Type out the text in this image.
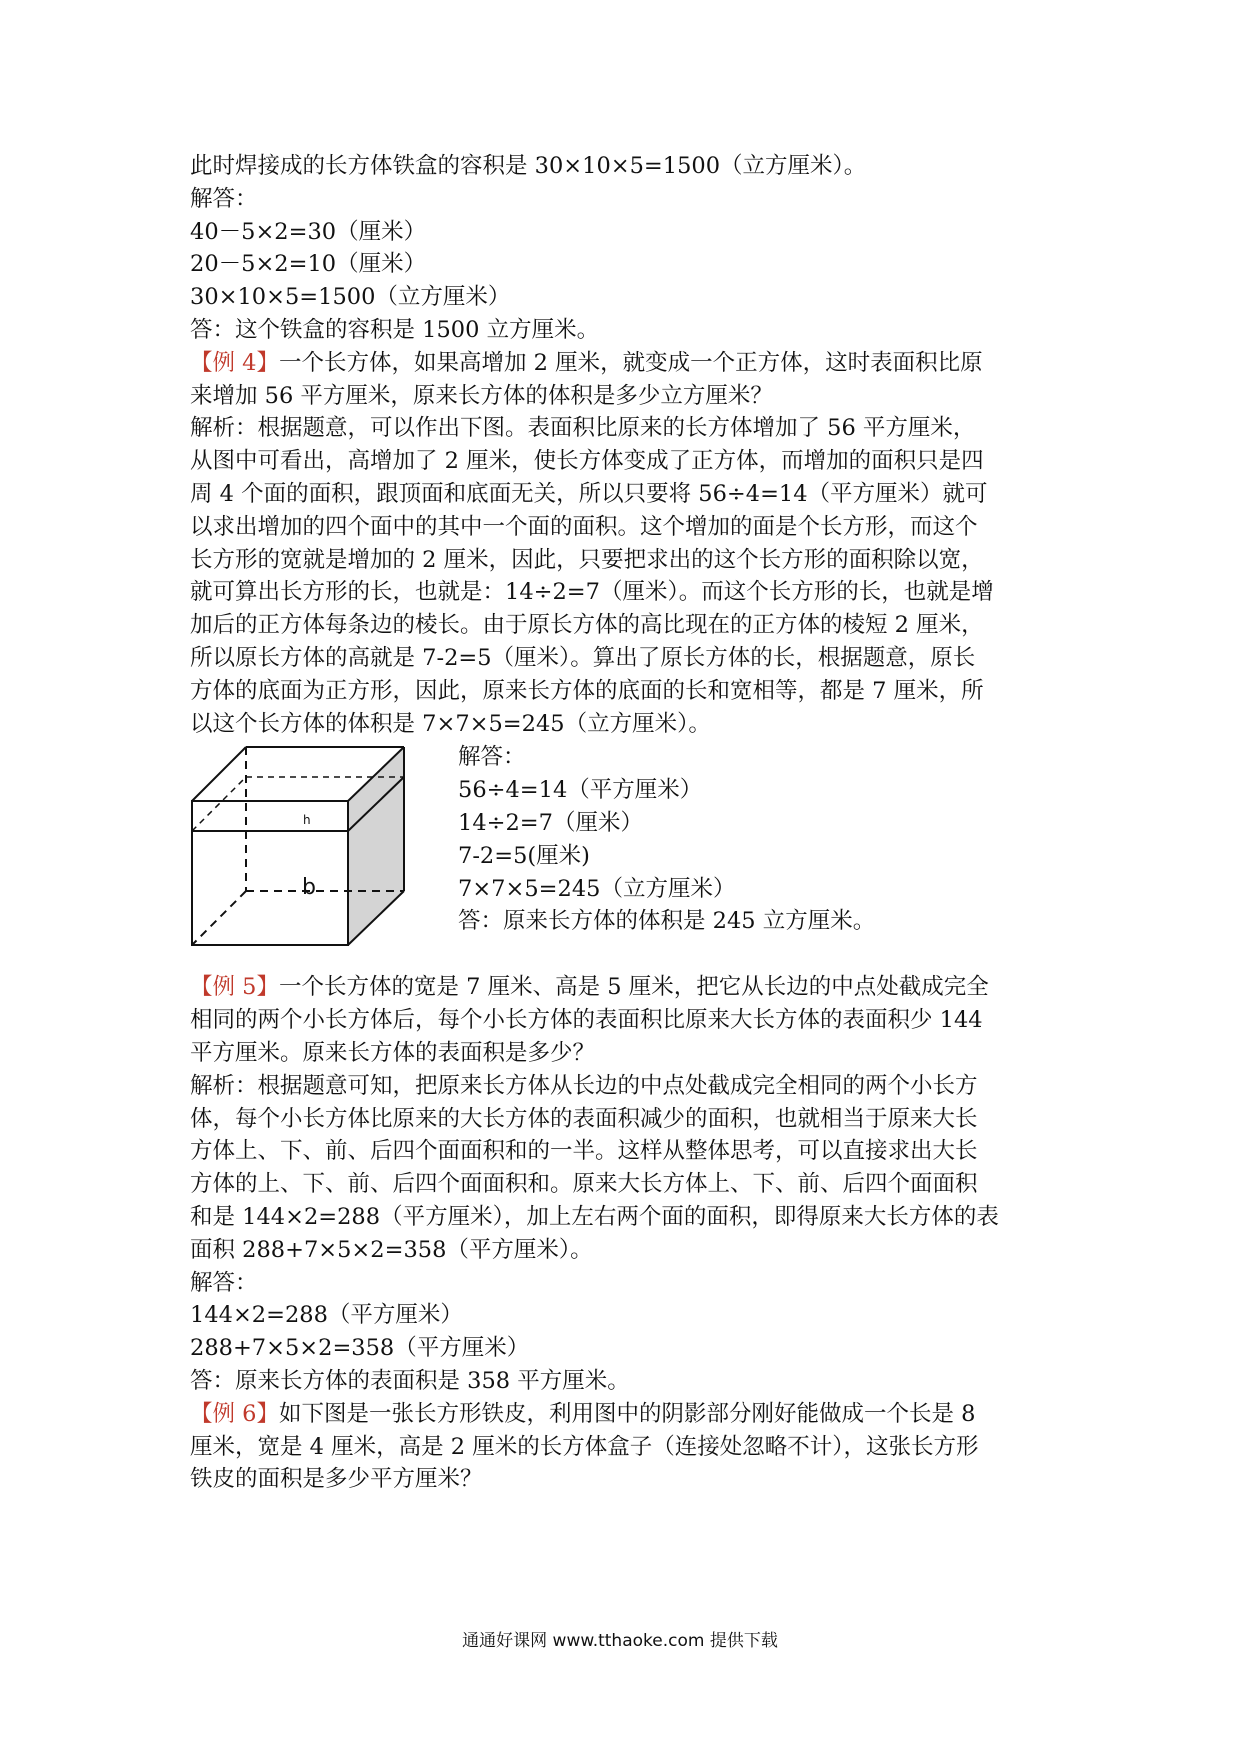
此时焊接成的长方体铁盒的容积是 30×10×5=1500（立方厘米）。
解答：
40－5×2=30（厘米）
20－5×2=10（厘米）
30×10×5=1500（立方厘米）
答：这个铁盒的容积是 1500 立方厘米。
【例 4】一个长方体，如果高增加 2 厘米，就变成一个正方体，这时表面积比原
来增加 56 平方厘米，原来长方体的体积是多少立方厘米？
解析：根据题意，可以作出下图。表面积比原来的长方体增加了 56 平方厘米，
从图中可看出，高增加了 2 厘米，使长方体变成了正方体，而增加的面积只是四
周 4 个面的面积，跟顶面和底面无关，所以只要将 56÷4=14（平方厘米）就可
以求出增加的四个面中的其中一个面的面积。这个增加的面是个长方形，而这个
长方形的宽就是增加的 2 厘米，因此，只要把求出的这个长方形的面积除以宽，
就可算出长方形的长，也就是：14÷2=7（厘米）。而这个长方形的长，也就是增
加后的正方体每条边的棱长。由于原长方体的高比现在的正方体的棱短 2 厘米，
所以原长方体的高就是 7-2=5（厘米）。算出了原长方体的长，根据题意，原长
方体的底面为正方形，因此，原来长方体的底面的长和宽相等，都是 7 厘米，所
以这个长方体的体积是 7×7×5=245（立方厘米）。
h
b
解答：
56÷4=14（平方厘米）
14÷2=7（厘米）
7-2=5(厘米)
7×7×5=245（立方厘米）
答：原来长方体的体积是 245 立方厘米。
【例 5】一个长方体的宽是 7 厘米、高是 5 厘米，把它从长边的中点处截成完全
相同的两个小长方体后，每个小长方体的表面积比原来大长方体的表面积少 144
平方厘米。原来长方体的表面积是多少？
解析：根据题意可知，把原来长方体从长边的中点处截成完全相同的两个小长方
体，每个小长方体比原来的大长方体的表面积减少的面积，也就相当于原来大长
方体上、下、前、后四个面面积和的一半。这样从整体思考，可以直接求出大长
方体的上、下、前、后四个面面积和。原来大长方体上、下、前、后四个面面积
和是 144×2=288（平方厘米），加上左右两个面的面积，即得原来大长方体的表
面积 288+7×5×2=358（平方厘米）。
解答：
144×2=288（平方厘米）
288+7×5×2=358（平方厘米）
答：原来长方体的表面积是 358 平方厘米。
【例 6】如下图是一张长方形铁皮，利用图中的阴影部分刚好能做成一个长是 8
厘米，宽是 4 厘米，高是 2 厘米的长方体盒子（连接处忽略不计），这张长方形
铁皮的面积是多少平方厘米？
通通好课网 www.tthaoke.com 提供下载
